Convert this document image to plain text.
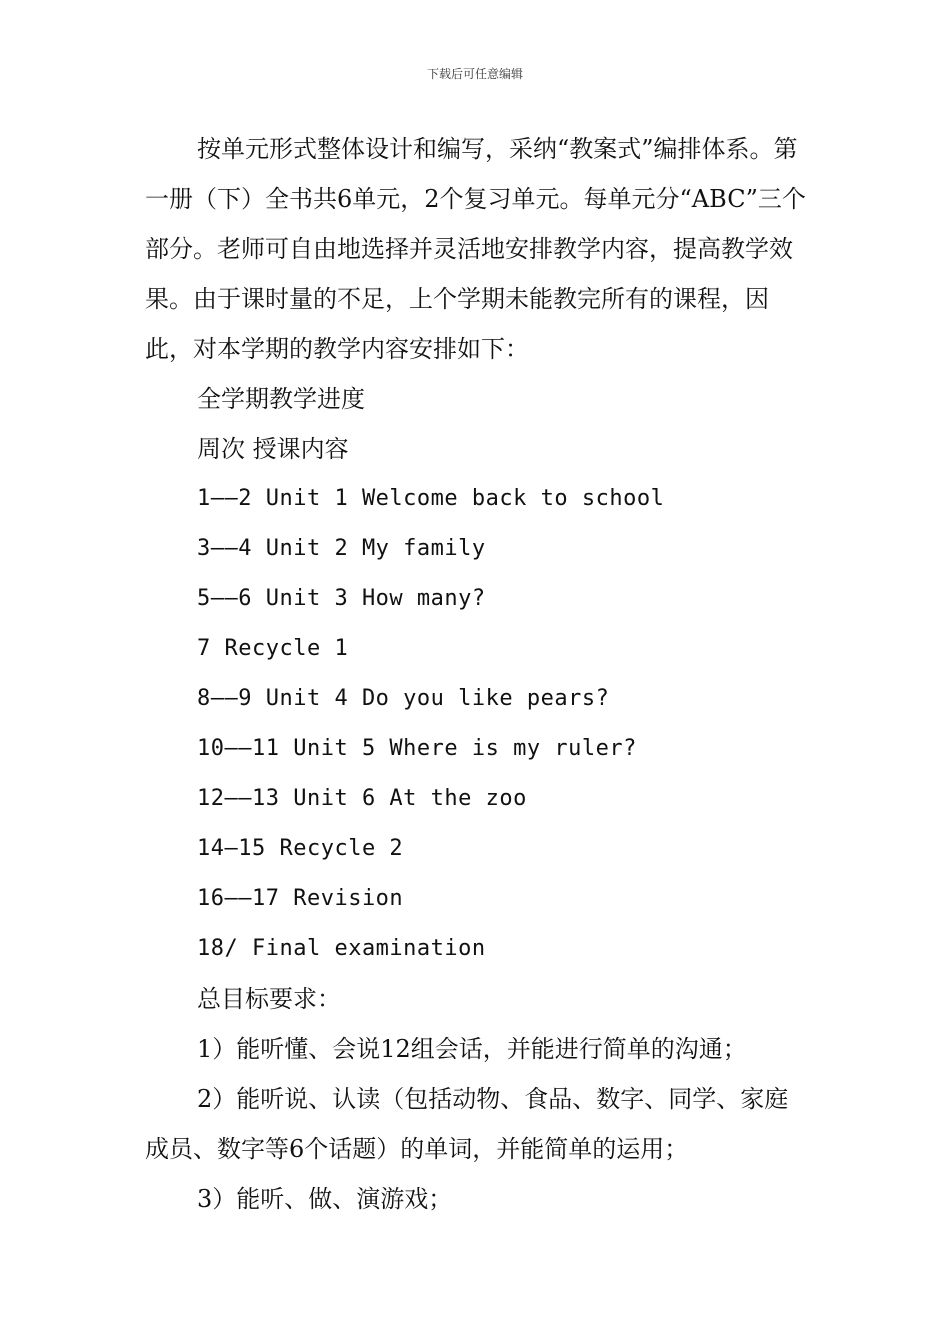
下载后可任意编辑

按单元形式整体设计和编写，采纳“教案式”编排体系。第一册（下）全书共6单元，2个复习单元。每单元分“ABC”三个部分。老师可自由地选择并灵活地安排教学内容，提高教学效果。由于课时量的不足，上个学期未能教完所有的课程，因此，对本学期的教学内容安排如下：

全学期教学进度

周次 授课内容

1——2 Unit 1 Welcome back to school

3——4 Unit 2 My family

5——6 Unit 3 How many?

7 Recycle 1

8——9 Unit 4 Do you like pears?

10——11 Unit 5 Where is my ruler?

12——13 Unit 6 At the zoo

14—15 Recycle 2

16——17 Revision

18/ Final examination

总目标要求：

1）能听懂、会说12组会话，并能进行简单的沟通；

2）能听说、认读（包括动物、食品、数字、同学、家庭成员、数字等6个话题）的单词，并能简单的运用；

3）能听、做、演游戏；
